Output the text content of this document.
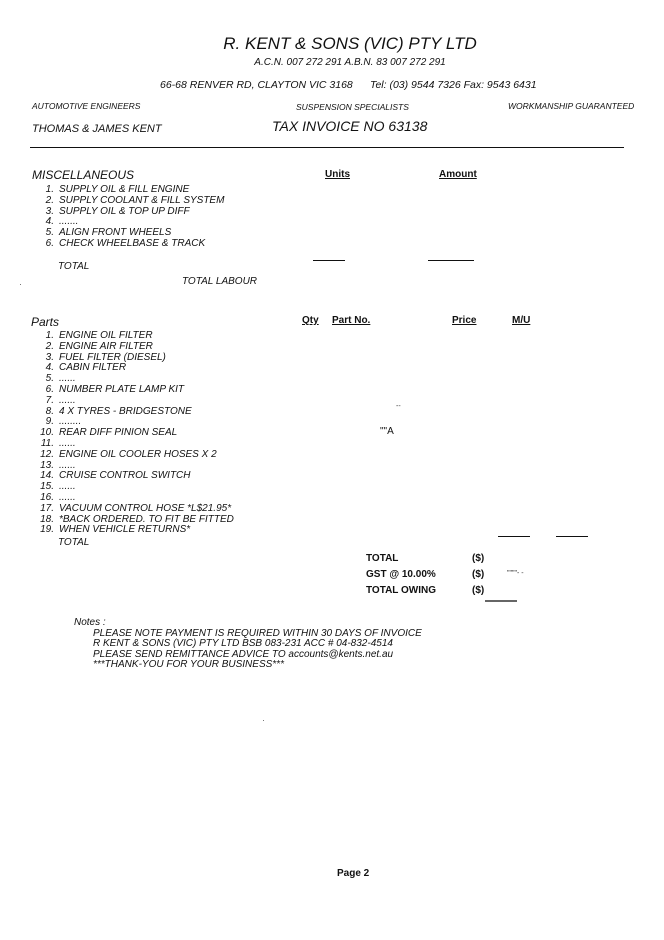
R. KENT & SONS (VIC) PTY LTD
A.C.N. 007 272 291 A.B.N. 83 007 272 291
66-68 RENVER RD, CLAYTON VIC 3168 Tel: (03) 9544 7326 Fax: 9543 6431
AUTOMOTIVE ENGINEERS	SUSPENSION SPECIALISTS	WORKMANSHIP GUARANTEED
THOMAS & JAMES KENT	TAX INVOICE NO 63138
MISCELLANEOUS	Units	Amount
1. SUPPLY OIL & FILL ENGINE
2. SUPPLY COOLANT & FILL SYSTEM
3. SUPPLY OIL & TOP UP DIFF
4. .......
5. ALIGN FRONT WHEELS
6. CHECK WHEELBASE & TRACK
TOTAL
TOTAL LABOUR
Parts	Qty Part No.	Price	M/U
1. ENGINE OIL FILTER
2. ENGINE AIR FILTER
3. FUEL FILTER (DIESEL)
4. CABIN FILTER
5. ......
6. NUMBER PLATE LAMP KIT
7. ......
8. 4 X TYRES - BRIDGESTONE
9. ........
10. REAR DIFF PINION SEAL
11. ......
12. ENGINE OIL COOLER HOSES X 2
13. ......
14. CRUISE CONTROL SWITCH
15. ......
16. ......
17. VACUUM CONTROL HOSE *L$21.95*
18. *BACK ORDERED. TO FIT BE FITTED
19. WHEN VEHICLE RETURNS*
--
""A
TOTAL
TOTAL	($)
GST @ 10.00%	($)	""""- -
TOTAL OWING	($)
Notes :
PLEASE NOTE PAYMENT IS REQUIRED WITHIN 30 DAYS OF INVOICE
R KENT & SONS (VIC) PTY LTD BSB 083-231 ACC # 04-832-4514
PLEASE SEND REMITTANCE ADVICE TO accounts@kents.net.au
***THANK-YOU FOR YOUR BUSINESS***
Page 2
